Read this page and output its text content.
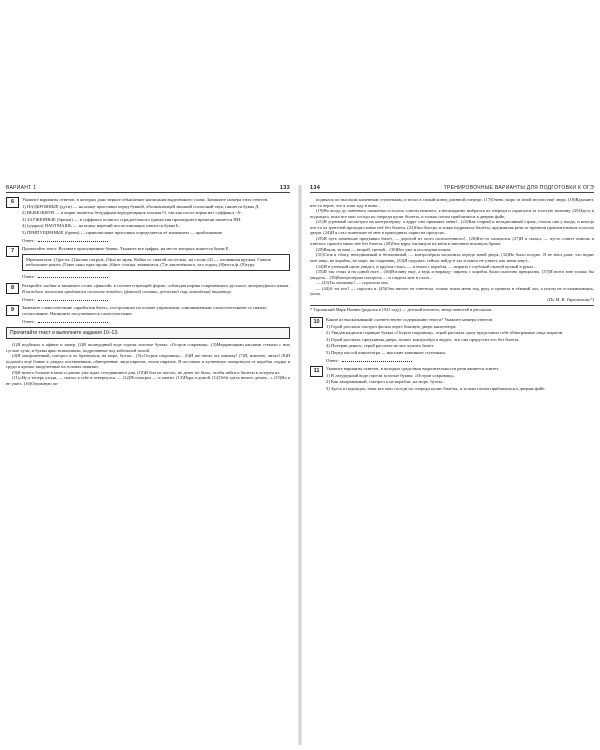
ВАРИАНТ 1	133
6	Укажите варианты ответов, в которых дано верное объяснение написания выделенного слова. Запишите номера этих ответов.

1) НАДБРОВНЫЕ (дуги) — на конце приставки перед буквой, обозначающей звонкий согласный звук, пишется буква Д.

2) ВЫМОКНУВ — в корне пишется безударная чередующаяся гласная О, так как после корня нет суффикса -А-.

3) ЗАУЖЕННЫЕ (брюки) — в суффиксе полного страдательного причастия прошедшего времени пишется НН.

4) (ударил) НАОТМАШЬ — на конце наречий после шипящих пишется буква Ь.

5) ПРИПУЩЕННЫЕ (брови) — правописание приставки определяется её значением — приближение.

Ответ:
7	Прочитайте текст. Вставьте пропущенные буквы. Укажите все цифры, на месте которых пишется буква Е.

Мрачная ком..(1)ра-ча..(2)ночка погруж..(3)на во мрак. Койка со смятой постелью, на столи..(4) — оловянная кружка. Сквозь небольшие решёт..(5)чке окно едва прони..(6)ют солнца, взявшиеся..(7)е лавлечённого, кто ощущ..(8)ются ф..(9)туру.
Ответ:
8	Раскройте скобки и запишите слово «фиксий» в соответствующей форме, соблюдая нормы современного русского литературного языка.

В каждым жаголова продавался полочное повидло, (фиксий) салаты, греческий сыр, катайский тщавтор.

Ответ:
9	Замените словосочетание «прибытия быть», построенное на основе управления, синонимичным словосочетанием со связью согласование. Напишите получившееся словосочетание.

Ответ:
Прочитайте текст и выполните задания 10–13.

(1)Я подбежал к афише и замер. (2)В пилиурдный воде горели золотые буквы: «Остров сокровищ». (3)Мерцающими каплями стекали с них густые лучи, и буквы ярко вспыхивали, подрезанные под кабельной полой.

(4)Я заворожённый, смотрел и ах братнаться, на море, бухты... (5)«Остров сокровищ»... (6)И же читал эту книжку! (7)Я, конечно, читал! (8)И подошёл ещё ближе к увидел потемневшие, обветренные лица пиратов, толпа пиратов. Я поставил и кузнечных почерпнули от корабля сердце в груди и крепко закрученные на головах повязки.

(9)И нечего больше в кино и дашно уже ждал сегодняшнего дня. (10)И бил не пастал, но денег не было, чтобы зайти и билеты в лотерея их.

(11)«Ну а теперь уходи, — сказал я себе и отвернулся. — (12)Посмотрел — и хватит. (13)Пора и домой. (14)Тебе здесь нечего делать...» (15)Но я не ушёл. (16)Огромную по-

134	ТРЕНИРОВОЧНЫЕ ВАРИАНТЫ ДЛЯ ПОДГОТОВКИ К ОГЭ

поднялся по высоким каменным ступенькам, и встал в самый конец длинной очереди. (17)Очень скоро за мной встали ещё люди. (18)Вдыхают, кто-то верит, что я тоже иду в кино...

(19)Но когда до заветного окошечка осталось совсем немного, я неожиданно выбрался из очереди и спрятался за толстую колонну. (20)Здесь я подождал, пока все мои соседи по очереди купят билеты, и только потом приблизился к дверям фойе.

(21)И угрюмый посмотрел на контролёршу: а вдруг она прикажет меня?.. (22)Как старый и незадачливый страж, стоила она у входа, и иногда кто-то из зрителей проходил мимо неё без билета. (23)Она быстро и ловко надрывала билеты, предъявляя речи от времени пронзительным голосом двери. (24)И я стал поменьше её мне в приподнять скрип на пропуске...

(25)И чуть поменьше предъявил билет, — дорогой из этого позолоченного!.. (26)Кто-то засмеялся. (27)И я сказал, — пусть станет помочь и ответил: прошёл мимо неё без билета. (28)Она вдруг взглянула на меня и внезапно вскинула брови.

(29)Взяли, за ним — второй, третий... (30)Вот уже и последняя пошла.

(31)Стоя я сбоку, неподвижный и безмолвный, — контролёрша заслонила передо мной дверь. (32)Но было поздно. Я не знал даже, что видят моё лицо, не корабль, не море, ни сокровищ. (33)Я подумал: сейчас войду в зал и никто не узнает, как меня зовут...

(34)И в узенькой щели увидел, и кругом стоял, — и ехали с корабля, — пираты с глубокой сжатой кучкой в руках...

(35)И так стоял я на одной ноге... (36)Взгляну ещё, а ведь и вправду: пираты с корабля были сказочно прекрасны. (37)И всего мне только бы увидеть... (38)Контролёрша смотрела — и глядела мне в глаза...

— (43)Ты сможешь? — спросила она.

— (44)А ты кто? — спросил я. (45)Она ничего не ответила, только взяла меня под руку и провела в тёмный зал, а потом не останавливаясь, ушла.

(По М. В. Тарловскому*)
* Тарловский Марк Ноевич (родился в 1941 году) — детский писатель, автор повестей и рассказов.
10	Какие из высказываний соответствуют содержанию текста? Укажите номера ответов.

1) Герой рассказа смотрел фильм через боковую дверь кинотеатра.

2) Увидав надписи горящие буквы «Остров сокровищ», герой рассказа сразу представил себе обветренные лица пиратов.

3) Герой рассказа, предъявляя дверь, пошел контролёра и выдел, что она прорустит его без билета.

4) Потеряв деньги, герой рассказа не мог купить билет.

5) Перед кассой кинотеатра — высокие каменные ступеньки.

Ответ:
11	Укажите варианты ответов, в которых средством выразительности речи является эпитет.

1) В лазурудный воде горели золотые буквы: «Остров сокровищ».

2) Как зачарованный, смотрел я на корабли, на море, бухты...

3) Здесь я подождал, пока все мои соседи по очереди купят билеты, и только потом приблизился к дверям фойе.
